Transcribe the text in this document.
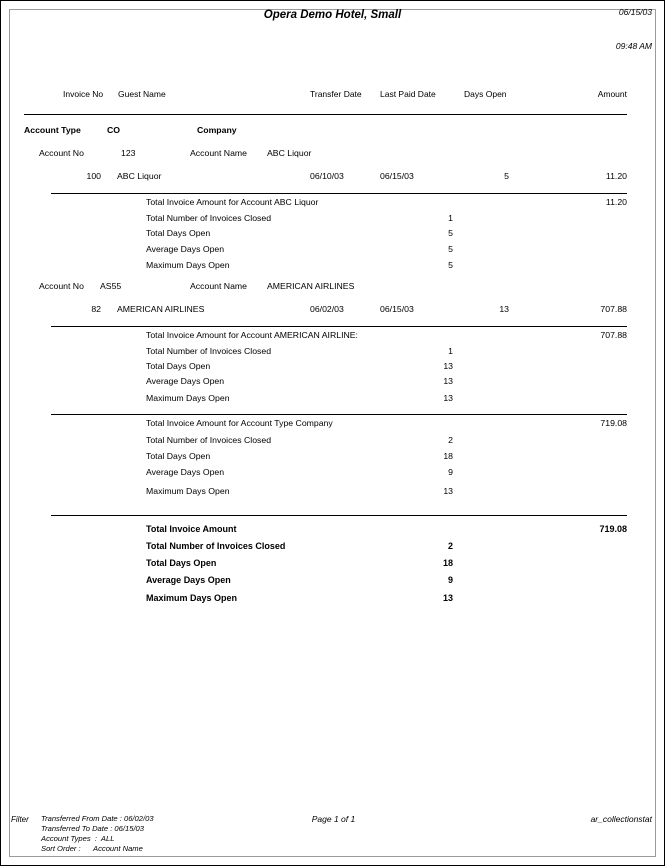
Opera Demo Hotel, Small	06/15/03
09:48 AM
Invoice No Guest Name	Transfer Date Last Paid Date	Days Open	Amount
Account Type	CO	Company
Account No	123	Account Name ABC Liquor
100 ABC Liquor	06/10/03	06/15/03	5	11.20
Total Invoice Amount for Account ABC Liquor	11.20
Total Number of Invoices Closed	1
Total Days Open	5
Average Days Open	5
Maximum Days Open	5
Account No AS55	Account Name AMERICAN AIRLINES
82 AMERICAN AIRLINES	06/02/03	06/15/03	13	707.88
Total Invoice Amount for Account AMERICAN AIRLINE:	707.88
Total Number of Invoices Closed	1
Total Days Open	13
Average Days Open	13
Maximum Days Open	13
Total Invoice Amount for Account Type Company	719.08
Total Number of Invoices Closed	2
Total Days Open	18
Average Days Open	9
Maximum Days Open	13
Total Invoice Amount	719.08
Total Number of Invoices Closed	2
Total Days Open	18
Average Days Open	9
Maximum Days Open	13
Filter Transferred From Date : 06/02/03
Transferred To Date : 06/15/03
Account Types  :  ALL
Sort Order :      Account Name
Page 1 of 1	ar_collectionstat
